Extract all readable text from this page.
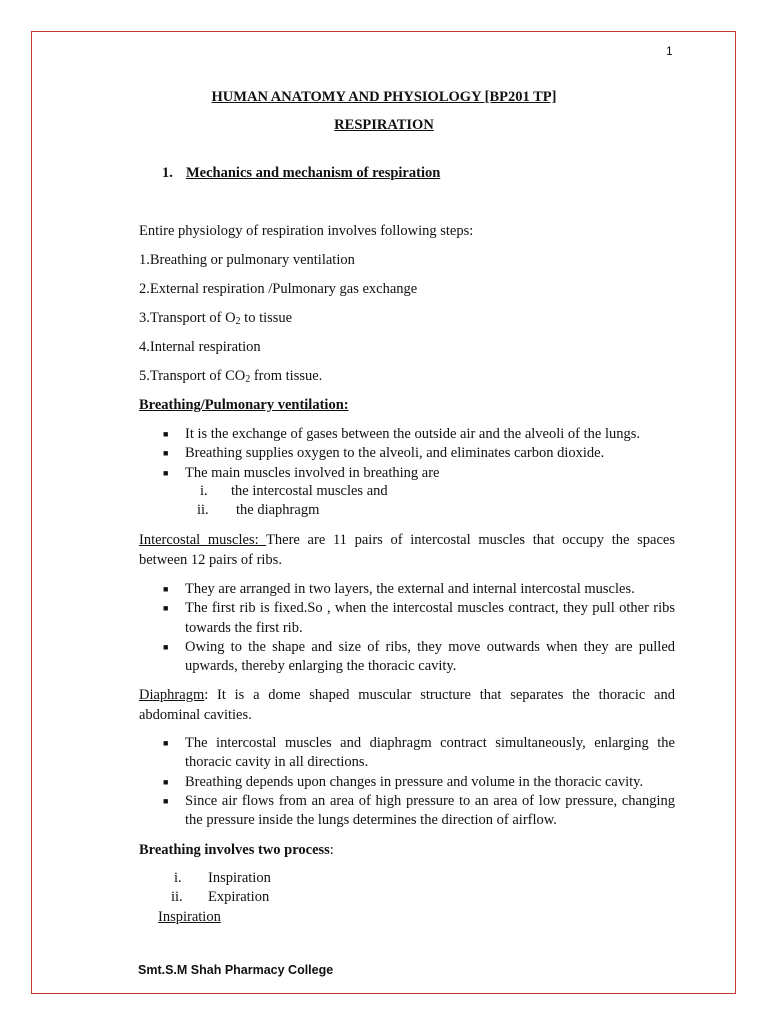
1
HUMAN ANATOMY AND PHYSIOLOGY [BP201 TP]
RESPIRATION
1. Mechanics and mechanism of respiration
Entire physiology of respiration involves following steps:
1.Breathing or pulmonary ventilation
2.External respiration /Pulmonary gas exchange
3.Transport of $O_2$ to tissue
4.Internal respiration
5.Transport of $CO_2$ from tissue.
Breathing/Pulmonary ventilation:
■ It is the exchange of gases between the outside air and the alveoli of the lungs.
■ Breathing supplies oxygen to the alveoli, and eliminates carbon dioxide.
■ The main muscles involved in breathing are
i. the intercostal muscles and
ii. the diaphragm
Intercostal muscles: There are 11 pairs of intercostal muscles that occupy the spaces between 12 pairs of ribs.
■ They are arranged in two layers, the external and internal intercostal muscles.
■ The first rib is fixed.So , when the intercostal muscles contract, they pull other ribs towards the first rib.
■ Owing to the shape and size of ribs, they move outwards when they are pulled upwards, thereby enlarging the thoracic cavity.
Diaphragm: It is a dome shaped muscular structure that separates the thoracic and abdominal cavities.
■ The intercostal muscles and diaphragm contract simultaneously, enlarging the thoracic cavity in all directions.
■ Breathing depends upon changes in pressure and volume in the thoracic cavity.
■ Since air flows from an area of high pressure to an area of low pressure, changing the pressure inside the lungs determines the direction of airflow.
Breathing involves two process:
i. Inspiration
ii. Expiration
Inspiration
Smt.S.M Shah Pharmacy College
